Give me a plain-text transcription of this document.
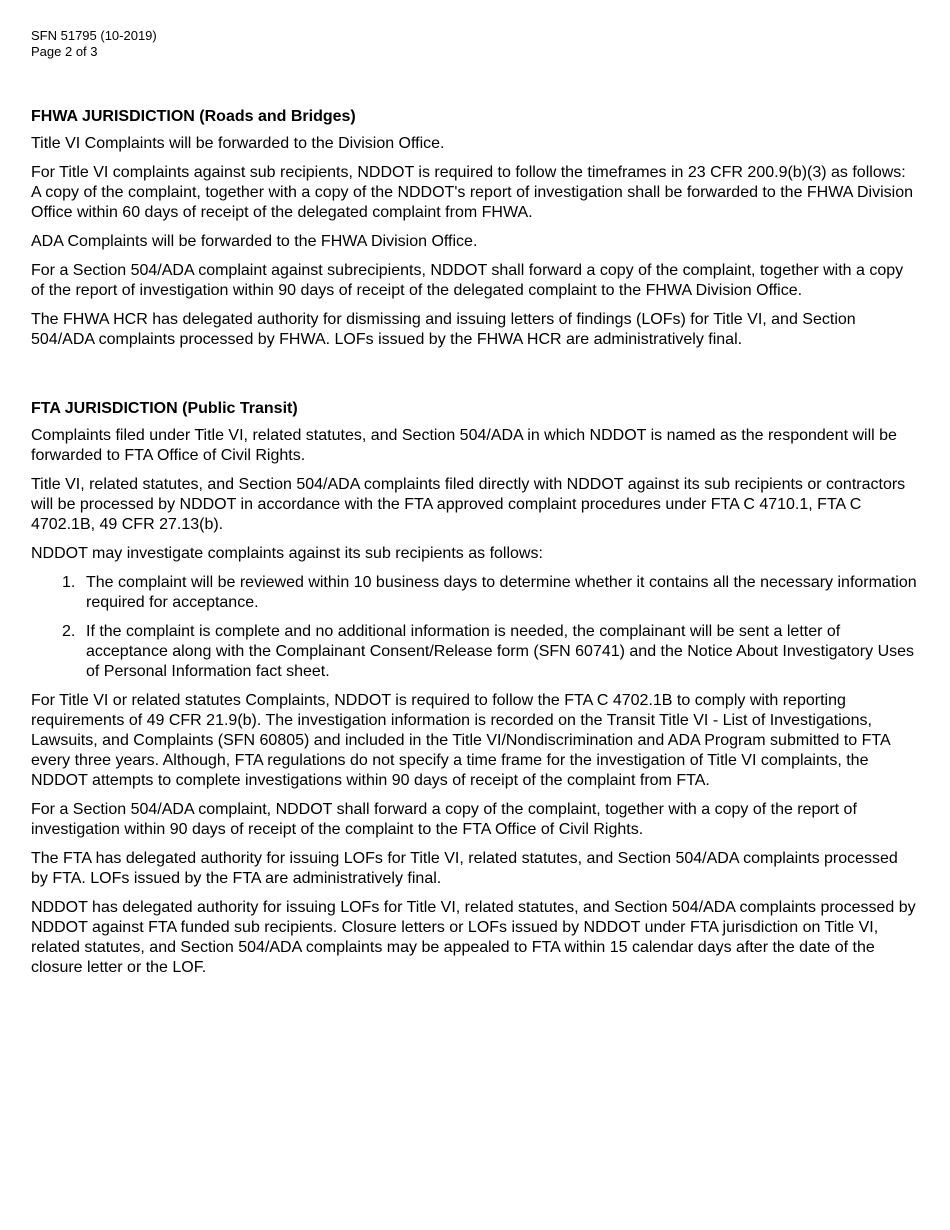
SFN 51795 (10-2019)

Page 2 of 3

FHWA JURISDICTION (Roads and Bridges)

Title VI Complaints will be forwarded to the Division Office.

For Title VI complaints against sub recipients, NDDOT is required to follow the timeframes in 23 CFR 200.9(b)(3) as follows: A copy of the complaint, together with a copy of the NDDOT's report of investigation shall be forwarded to the FHWA Division Office within 60 days of receipt of the delegated complaint from FHWA.

ADA Complaints will be forwarded to the FHWA Division Office.

For a Section 504/ADA complaint against subrecipients, NDDOT shall forward a copy of the complaint, together with a copy of the report of investigation within 90 days of receipt of the delegated complaint to the FHWA Division Office.

The FHWA HCR has delegated authority for dismissing and issuing letters of findings (LOFs) for Title VI, and Section 504/ADA complaints processed by FHWA. LOFs issued by the FHWA HCR are administratively final.

FTA JURISDICTION (Public Transit)

Complaints filed under Title VI, related statutes, and Section 504/ADA in which NDDOT is named as the respondent will be forwarded to FTA Office of Civil Rights.

Title VI, related statutes, and Section 504/ADA complaints filed directly with NDDOT against its sub recipients or contractors will be processed by NDDOT in accordance with the FTA approved complaint procedures under FTA C 4710.1, FTA C 4702.1B, 49 CFR 27.13(b).

NDDOT may investigate complaints against its sub recipients as follows:

1. The complaint will be reviewed within 10 business days to determine whether it contains all the necessary information required for acceptance.
2. If the complaint is complete and no additional information is needed, the complainant will be sent a letter of acceptance along with the Complainant Consent/Release form (SFN 60741) and the Notice About Investigatory Uses of Personal Information fact sheet.

For Title VI or related statutes Complaints, NDDOT is required to follow the FTA C 4702.1B to comply with reporting requirements of 49 CFR 21.9(b). The investigation information is recorded on the Transit Title VI - List of Investigations, Lawsuits, and Complaints (SFN 60805) and included in the Title VI/Nondiscrimination and ADA Program submitted to FTA every three years. Although, FTA regulations do not specify a time frame for the investigation of Title VI complaints, the NDDOT attempts to complete investigations within 90 days of receipt of the complaint from FTA.

For a Section 504/ADA complaint, NDDOT shall forward a copy of the complaint, together with a copy of the report of investigation within 90 days of receipt of the complaint to the FTA Office of Civil Rights.

The FTA has delegated authority for issuing LOFs for Title VI, related statutes, and Section 504/ADA complaints processed by FTA. LOFs issued by the FTA are administratively final.

NDDOT has delegated authority for issuing LOFs for Title VI, related statutes, and Section 504/ADA complaints processed by NDDOT against FTA funded sub recipients. Closure letters or LOFs issued by NDDOT under FTA jurisdiction on Title VI, related statutes, and Section 504/ADA complaints may be appealed to FTA within 15 calendar days after the date of the closure letter or the LOF.
